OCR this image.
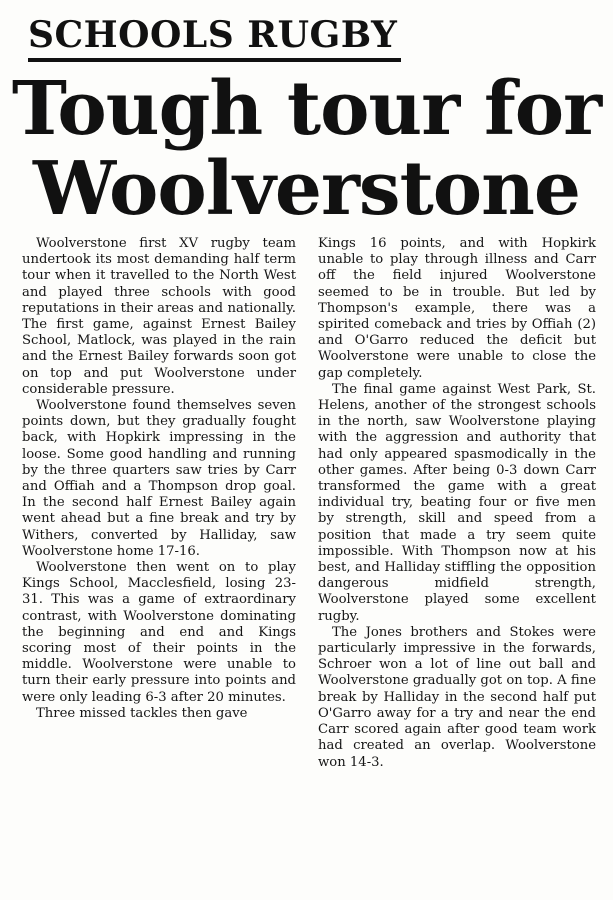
SCHOOLS RUGBY
Tough tour for
Woolverstone

Woolverstone first XV rugby team undertook its most demanding half term tour when it travelled to the North West and played three schools with good reputations in their areas and nationally. The first game, against Ernest Bailey School, Matlock, was played in the rain and the Ernest Bailey forwards soon got on top and put Woolverstone under considerable pressure.

Woolverstone found themselves seven points down, but they gradually fought back, with Hopkirk impressing in the loose. Some good handling and running by the three quarters saw tries by Carr and Offiah and a Thompson drop goal. In the second half Ernest Bailey again went ahead but a fine break and try by Withers, converted by Halliday, saw Woolverstone home 17-16.

Woolverstone then went on to play Kings School, Macclesfield, losing 23-31. This was a game of extraordinary contrast, with Woolverstone dominating the beginning and end and Kings scoring most of their points in the middle. Woolverstone were unable to turn their early pressure into points and were only leading 6-3 after 20 minutes.

Three missed tackles then gave

Kings 16 points, and with Hopkirk unable to play through illness and Carr off the field injured Woolverstone seemed to be in trouble. But led by Thompson's example, there was a spirited comeback and tries by Offiah (2) and O'Garro reduced the deficit but Woolverstone were unable to close the gap completely.

The final game against West Park, St. Helens, another of the strongest schools in the north, saw Woolverstone playing with the aggression and authority that had only appeared spasmodically in the other games. After being 0-3 down Carr transformed the game with a great individual try, beating four or five men by strength, skill and speed from a position that made a try seem quite impossible. With Thompson now at his best, and Halliday stiffling the opposition dangerous midfield strength, Woolverstone played some excellent rugby.

The Jones brothers and Stokes were particularly impressive in the forwards, Schroer won a lot of line out ball and Woolverstone gradually got on top. A fine break by Halliday in the second half put O'Garro away for a try and near the end Carr scored again after good team work had created an overlap. Woolverstone won 14-3.
